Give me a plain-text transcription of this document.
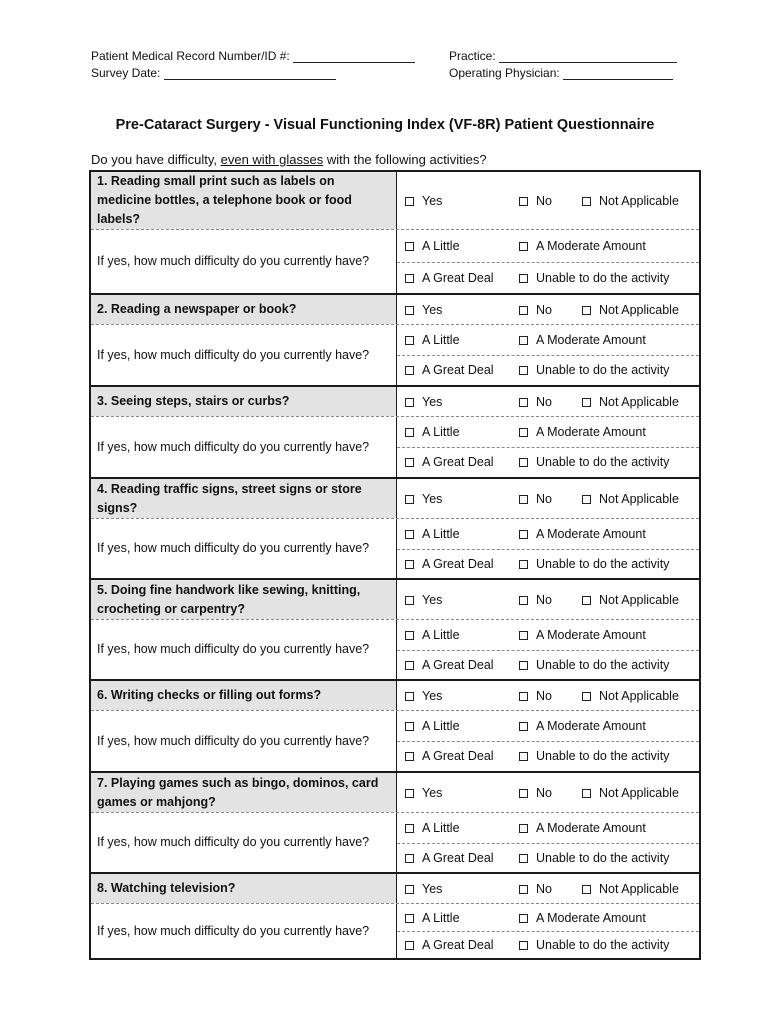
Patient Medical Record Number/ID #:
Survey Date:
Practice:
Operating Physician:
Pre-Cataract Surgery - Visual Functioning Index (VF-8R) Patient Questionnaire
Do you have difficulty, even with glasses with the following activities?
1. Reading small print such as labels on medicine bottles, a telephone book or food labels?
Yes	No	Not Applicable
If yes, how much difficulty do you currently have?
A Little	A Moderate Amount
A Great Deal	Unable to do the activity
2. Reading a newspaper or book?	Yes	No	Not Applicable
If yes, how much difficulty do you currently have?
A Little	A Moderate Amount
A Great Deal	Unable to do the activity
3. Seeing steps, stairs or curbs?	Yes	No	Not Applicable
If yes, how much difficulty do you currently have?
A Little	A Moderate Amount
A Great Deal	Unable to do the activity
4. Reading traffic signs, street signs or store signs?
Yes	No	Not Applicable
If yes, how much difficulty do you currently have?
A Little	A Moderate Amount
A Great Deal	Unable to do the activity
5. Doing fine handwork like sewing, knitting, crocheting or carpentry?
Yes	No	Not Applicable
If yes, how much difficulty do you currently have?
A Little	A Moderate Amount
A Great Deal	Unable to do the activity
6. Writing checks or filling out forms?	Yes	No	Not Applicable
If yes, how much difficulty do you currently have?
A Little	A Moderate Amount
A Great Deal	Unable to do the activity
7. Playing games such as bingo, dominos, card games or mahjong?
Yes	No	Not Applicable
If yes, how much difficulty do you currently have?
A Little	A Moderate Amount
A Great Deal	Unable to do the activity
8. Watching television?	Yes	No	Not Applicable
If yes, how much difficulty do you currently have?
A Little	A Moderate Amount
A Great Deal	Unable to do the activity
